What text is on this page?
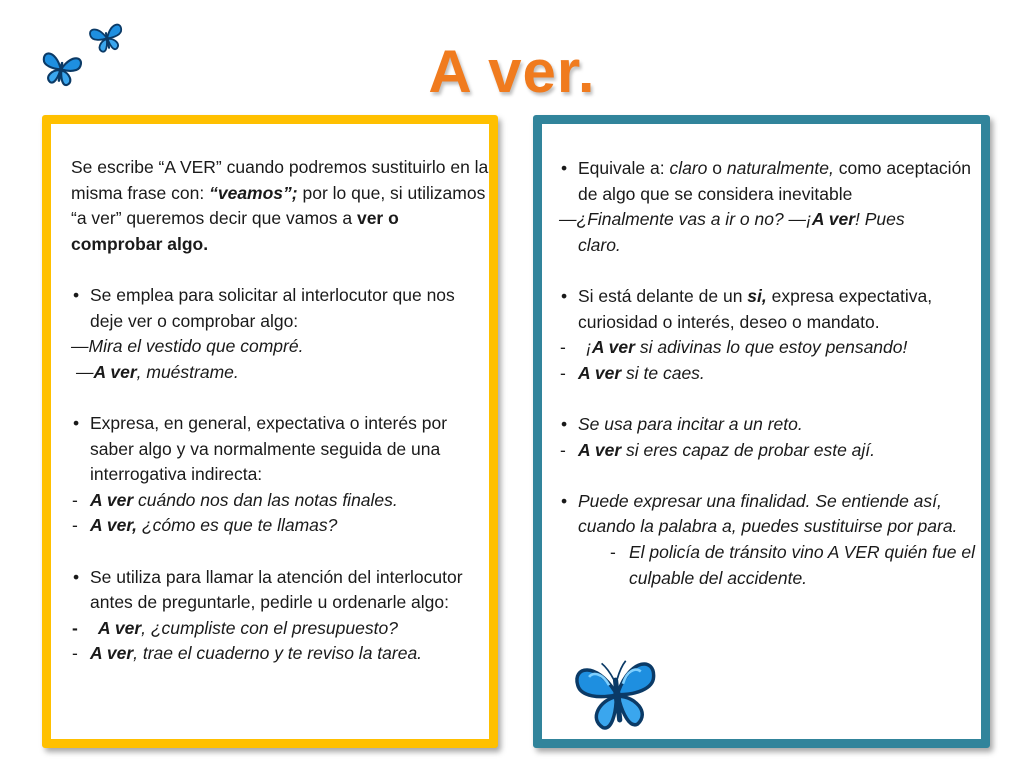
A ver.

Se escribe “A VER” cuando podremos sustituirlo en la misma frase con: “veamos”; por lo que, si utilizamos “a ver” queremos decir que vamos a ver o comprobar algo.

• Se emplea para solicitar al interlocutor que nos deje ver o comprobar algo:

—Mira el vestido que compré.

—A ver, muéstrame.

• Expresa, en general, expectativa o interés por saber algo y va normalmente seguida de una interrogativa indirecta:

- A ver cuándo nos dan las notas finales.

- A ver, ¿cómo es que te llamas?

• Se utiliza para llamar la atención del interlocutor antes de preguntarle, pedirle u ordenarle algo:

- A ver, ¿cumpliste con el presupuesto?

- A ver, trae el cuaderno y te reviso la tarea.

• Equivale a: claro o naturalmente, como aceptación de algo que se considera inevitable

—¿Finalmente vas a ir o no? —¡A ver! Pues

claro.

• Si está delante de un si, expresa expectativa, curiosidad o interés, deseo o mandato.

- ¡A ver si adivinas lo que estoy pensando!

- A ver si te caes.

• Se usa para incitar a un reto.

- A ver si eres capaz de probar este ají.

• Puede expresar una finalidad. Se entiende así, cuando la palabra a, puedes sustituirse por para.

- El policía de tránsito vino A VER quién fue el culpable del accidente.
